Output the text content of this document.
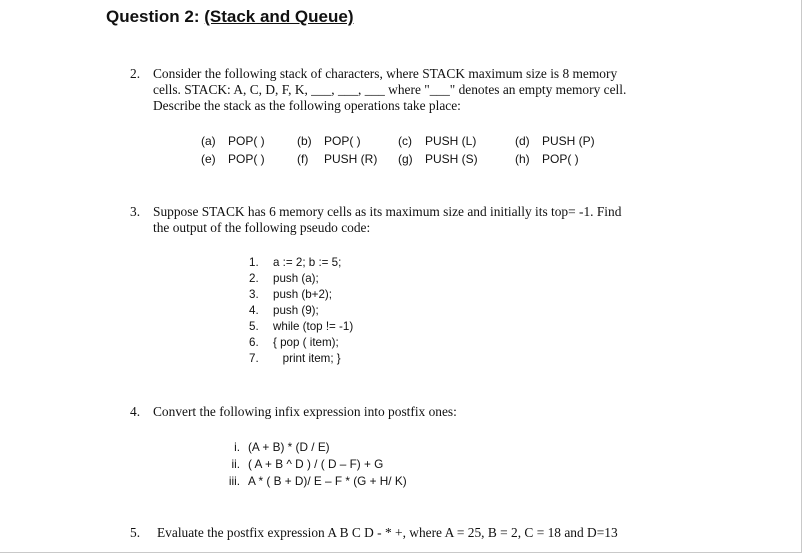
Question 2: (Stack and Queue)
2. Consider the following stack of characters, where STACK maximum size is 8 memory
cells. STACK: A, C, D, F, K, ___, ___, ___ where "___" denotes an empty memory cell.
Describe the stack as the following operations take place:
(a) POP( )	(b) POP( )	(c) PUSH (L)	(d) PUSH (P)
(e) POP( )	(f) PUSH (R) (g) PUSH (S)	(h) POP( )
3. Suppose STACK has 6 memory cells as its maximum size and initially its top= -1. Find
the output of the following pseudo code:
1. a := 2; b := 5;
2. push (a);
3. push (b+2);
4. push (9);
5. while (top != -1)
6. { pop ( item);
7.   print item; }
4. Convert the following infix expression into postfix ones:
i. (A + B) * (D / E)
ii. ( A + B ^ D ) / ( D – F) + G
iii. A * ( B + D)/ E – F * (G + H/ K)
5. Evaluate the postfix expression A B C D - * +, where A = 25, B = 2, C = 18 and D=13
